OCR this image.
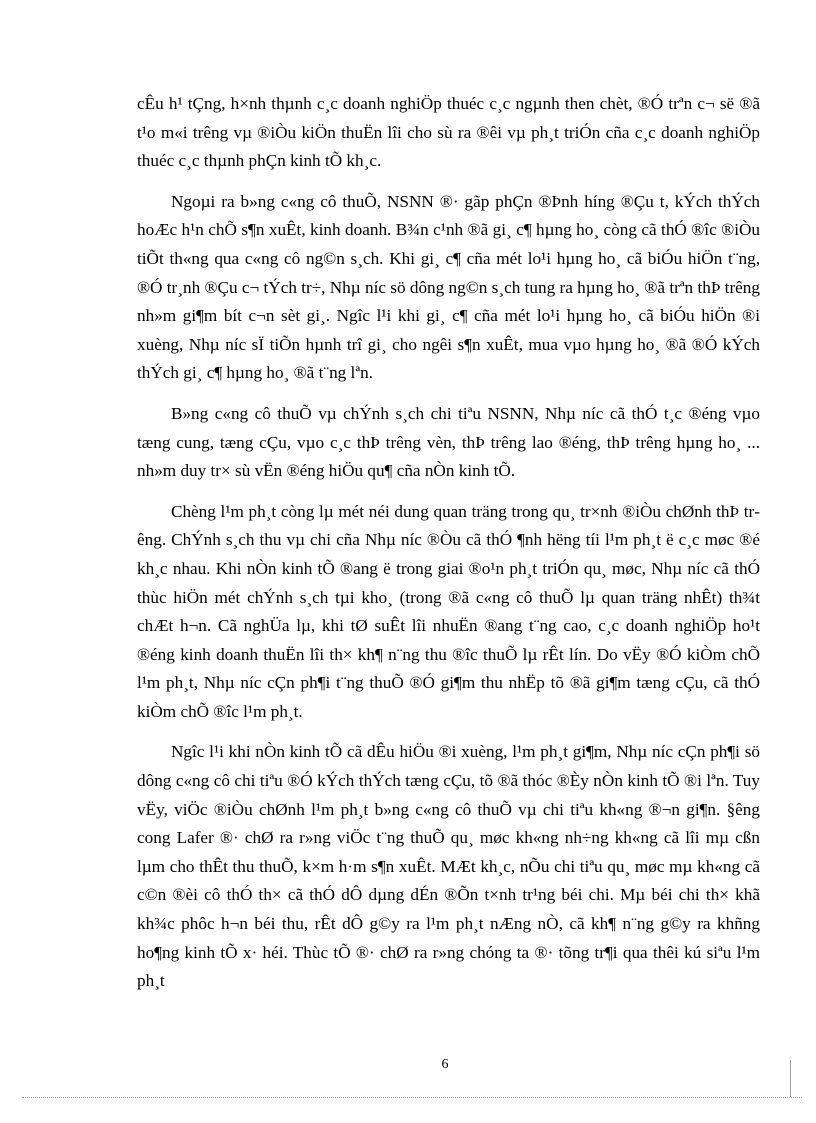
cÊu h¹ tÇng, h×nh thµnh c¸c doanh nghiÖp thuéc c¸c ngµnh then chèt, ®Ó trªn c¬ së ®ã t¹o m«i trêng vµ ®iÒu kiÖn thuËn lîi cho sù ra ®êi vµ ph¸t triÓn cña c¸c doanh nghiÖp thuéc c¸c thµnh phÇn kinh tÕ kh¸c.

Ngoµi ra b»ng c«ng cô thuÕ, NSNN ®· gãp phÇn ®Þnh híng ®Çu t, kÝch thÝch hoÆc h¹n chÕ s¶n xuÊt, kinh doanh. B¾n c¹nh ®ã gi¸ c¶ hµng ho¸ còng cã thÓ ®îc ®iÒu tiÕt th«ng qua c«ng cô ng©n s¸ch. Khi gi¸ c¶ cña mét lo¹i hµng ho¸ cã biÓu hiÖn t¨ng, ®Ó tr¸nh ®Çu c¬ tÝch tr÷, Nhµ níc sö dông ng©n s¸ch tung ra hµng ho¸ ®ã trªn thÞ trêng nh»m gi¶m bít c¬n sèt gi¸. Ngîc l¹i khi gi¸ c¶ cña mét lo¹i hµng ho¸ cã biÓu hiÖn ®i xuèng, Nhµ níc sÏ tiÕn hµnh trî gi¸ cho ngêi s¶n xuÊt, mua vµo hµng ho¸ ®ã ®Ó kÝch thÝch gi¸ c¶ hµng ho¸ ®ã t¨ng lªn.

B»ng c«ng cô thuÕ vµ chÝnh s¸ch chi tiªu NSNN, Nhµ níc cã thÓ t¸c ®éng vµo tæng cung, tæng cÇu, vµo c¸c thÞ trêng vèn, thÞ trêng lao ®éng, thÞ trêng hµng ho¸ ... nh»m duy tr× sù vËn ®éng hiÖu qu¶ cña nÒn kinh tÕ.

Chèng l¹m ph¸t còng lµ mét néi dung quan träng trong qu¸ tr×nh ®iÒu chØnh thÞ trêng. ChÝnh s¸ch thu vµ chi cña Nhµ níc ®Òu cã thÓ ¶nh hëng tíi l¹m ph¸t ë c¸c møc ®é kh¸c nhau. Khi nÒn kinh tÕ ®ang ë trong giai ®o¹n ph¸t triÓn qu¸ møc, Nhµ níc cã thÓ thùc hiÖn mét chÝnh s¸ch tµi kho¸ (trong ®ã c«ng cô thuÕ lµ quan träng nhÊt) th¾t chÆt h¬n. Cã nghÜa lµ, khi tØ suÊt lîi nhuËn ®ang t¨ng cao, c¸c doanh nghiÖp ho¹t ®éng kinh doanh thuËn lîi th× kh¶ n¨ng thu ®îc thuÕ lµ rÊt lín. Do vËy ®Ó kiÒm chÕ l¹m ph¸t, Nhµ níc cÇn ph¶i t¨ng thuÕ ®Ó gi¶m thu nhËp tõ ®ã gi¶m tæng cÇu, cã thÓ kiÒm chÕ ®îc l¹m ph¸t.

Ngîc l¹i khi nÒn kinh tÕ cã dÊu hiÖu ®i xuèng, l¹m ph¸t gi¶m, Nhµ níc cÇn ph¶i sö dông c«ng cô chi tiªu ®Ó kÝch thÝch tæng cÇu, tõ ®ã thóc ®Èy nÒn kinh tÕ ®i lªn. Tuy vËy, viÖc ®iÒu chØnh l¹m ph¸t b»ng c«ng cô thuÕ vµ chi tiªu kh«ng ®¬n gi¶n. §êng cong Lafer ®· chØ ra r»ng viÖc t¨ng thuÕ qu¸ møc kh«ng nh÷ng kh«ng cã lîi mµ cßn lµm cho thÊt thu thuÕ, k×m h·m s¶n xuÊt. MÆt kh¸c, nÕu chi tiªu qu¸ møc mµ kh«ng cã c©n ®èi cô thÓ th× cã thÓ dÔ dµng dÉn ®Õn t×nh tr¹ng béi chi. Mµ béi chi th× khã kh¾c phôc h¬n béi thu, rÊt dÔ g©y ra l¹m ph¸t nÆng nÒ, cã kh¶ n¨ng g©y ra khñng ho¶ng kinh tÕ x· héi. Thùc tÕ ®· chØ ra r»ng chóng ta ®· tõng tr¶i qua thêi kú siªu l¹m ph¸t

6
